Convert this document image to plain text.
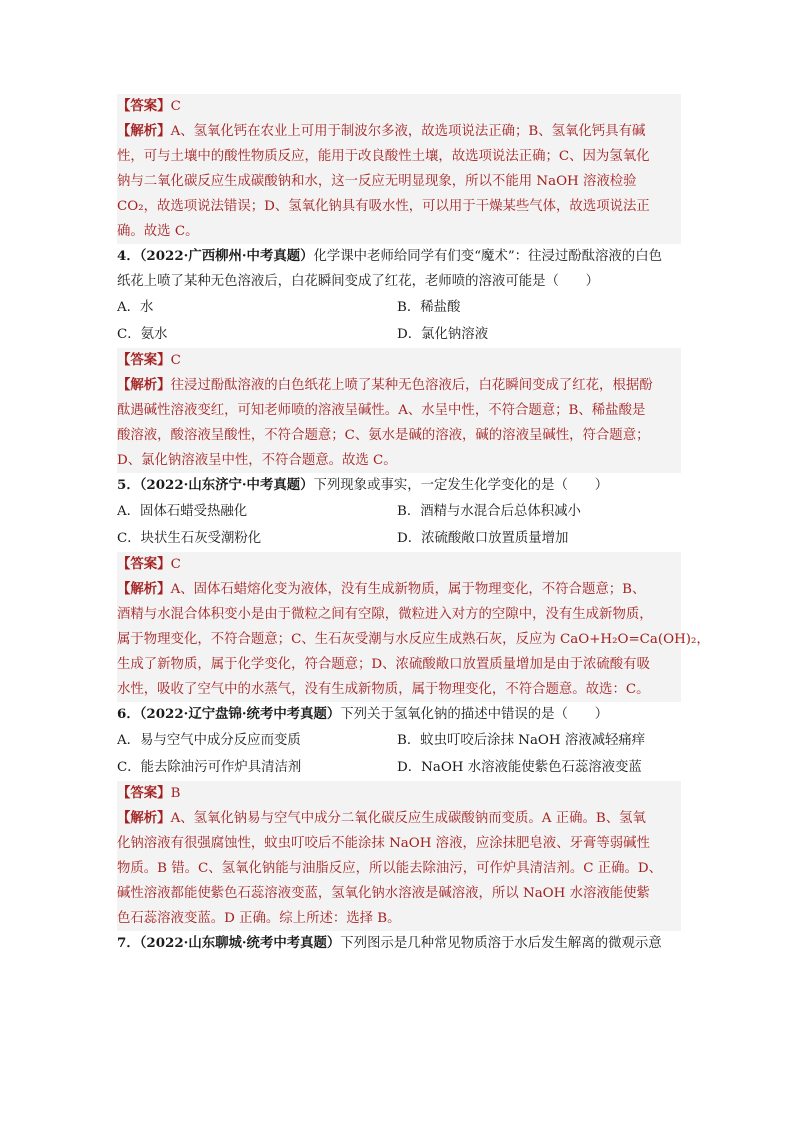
【答案】C
【解析】A、氢氧化钙在农业上可用于制波尔多液，故选项说法正确；B、氢氧化钙具有碱
性，可与土壤中的酸性物质反应，能用于改良酸性土壤，故选项说法正确；C、因为氢氧化
钠与二氧化碳反应生成碳酸钠和水，这一反应无明显现象，所以不能用 NaOH 溶液检验
CO₂，故选项说法错误；D、氢氧化钠具有吸水性，可以用于干燥某些气体，故选项说法正
确。故选 C。
4．（2022·广西柳州·中考真题）化学课中老师给同学有们变“魔术”：往浸过酚酞溶液的白色
纸花上喷了某种无色溶液后，白花瞬间变成了红花，老师喷的溶液可能是（　　）
A．水	B．稀盐酸
C．氨水	D．氯化钠溶液
【答案】C
【解析】往浸过酚酞溶液的白色纸花上喷了某种无色溶液后，白花瞬间变成了红花，根据酚
酞遇碱性溶液变红，可知老师喷的溶液呈碱性。A、水呈中性，不符合题意；B、稀盐酸是
酸溶液，酸溶液呈酸性，不符合题意；C、氨水是碱的溶液，碱的溶液呈碱性，符合题意；
D、氯化钠溶液呈中性，不符合题意。故选 C。
5．（2022·山东济宁·中考真题）下列现象或事实，一定发生化学变化的是（　　）
A．固体石蜡受热融化	B．酒精与水混合后总体积减小
C．块状生石灰受潮粉化	D．浓硫酸敞口放置质量增加
【答案】C
【解析】A、固体石蜡熔化变为液体，没有生成新物质，属于物理变化，不符合题意；B、
酒精与水混合体积变小是由于微粒之间有空隙，微粒进入对方的空隙中，没有生成新物质，
属于物理变化，不符合题意；C、生石灰受潮与水反应生成熟石灰，反应为 CaO+H₂O=Ca(OH)₂，
生成了新物质，属于化学变化，符合题意；D、浓硫酸敞口放置质量增加是由于浓硫酸有吸
水性，吸收了空气中的水蒸气，没有生成新物质，属于物理变化，不符合题意。故选：C。
6．（2022·辽宁盘锦·统考中考真题）下列关于氢氧化钠的描述中错误的是（　　）
A．易与空气中成分反应而变质	B．蚊虫叮咬后涂抹 NaOH 溶液减轻痛痒
C．能去除油污可作炉具清洁剂	D．NaOH 水溶液能使紫色石蕊溶液变蓝
【答案】B
【解析】A、氢氧化钠易与空气中成分二氧化碳反应生成碳酸钠而变质。A 正确。B、氢氧
化钠溶液有很强腐蚀性，蚊虫叮咬后不能涂抹 NaOH 溶液，应涂抹肥皂液、牙膏等弱碱性
物质。B 错。C、氢氧化钠能与油脂反应，所以能去除油污，可作炉具清洁剂。C 正确。D、
碱性溶液都能使紫色石蕊溶液变蓝，氢氧化钠水溶液是碱溶液，所以 NaOH 水溶液能使紫
色石蕊溶液变蓝。D 正确。综上所述：选择 B。
7．（2022·山东聊城·统考中考真题）下列图示是几种常见物质溶于水后发生解离的微观示意
